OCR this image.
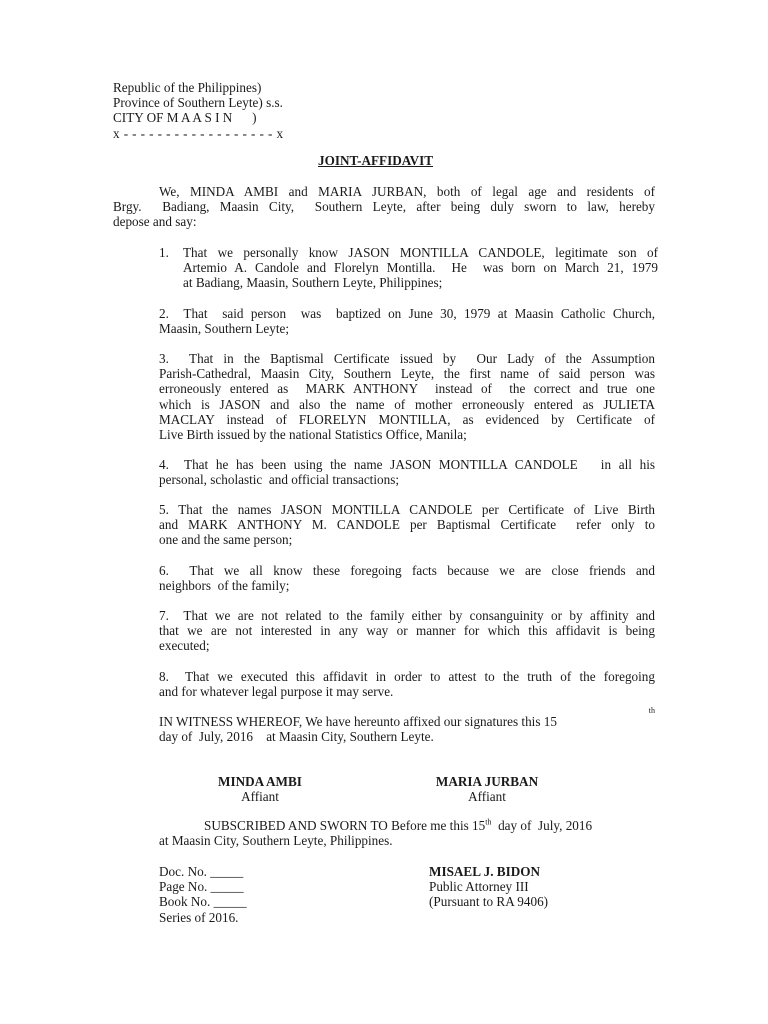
Republic of the Philippines)
Province of Southern Leyte) s.s.
CITY OF M A A S I N      )
x - - - - - - - - - - - - - - - - - - x
JOINT-AFFIDAVIT
We, MINDA AMBI and MARIA JURBAN, both of legal age and residents of
Brgy.  Badiang, Maasin City,  Southern Leyte, after being duly sworn to law, hereby
depose and say:
1. That we personally know JASON MONTILLA CANDOLE, legitimate son of
Artemio A. Candole and Florelyn Montilla.  He  was born on March 21, 1979
at Badiang, Maasin, Southern Leyte, Philippines;
2.  That  said person  was  baptized on June 30, 1979 at Maasin Catholic Church,
Maasin, Southern Leyte;
3.  That in the Baptismal Certificate issued by  Our Lady of the Assumption
Parish-Cathedral, Maasin City, Southern Leyte, the first name of said person was
erroneously entered as  MARK ANTHONY  instead of  the correct and true one
which is JASON and also the name of mother erroneously entered as JULIETA
MACLAY instead of FLORELYN MONTILLA, as evidenced by Certificate of
Live Birth issued by the national Statistics Office, Manila;
4.  That he has been using the name JASON MONTILLA CANDOLE   in all his
personal, scholastic  and official transactions;
5. That the names JASON MONTILLA CANDOLE per Certificate of Live Birth
and MARK ANTHONY M. CANDOLE per Baptismal Certificate  refer only to
one and the same person;
6.  That we all know these foregoing facts because we are close friends and
neighbors  of the family;
7.  That we are not related to the family either by consanguinity or by affinity and
that we are not interested in any way or manner for which this affidavit is being
executed;
8.  That we executed this affidavit in order to attest to the truth of the foregoing
and for whatever legal purpose it may serve.
IN WITNESS WHEREOF, We have hereunto affixed our signatures this 15
th
day of  July, 2016    at Maasin City, Southern Leyte.
MINDA AMBI
Affiant
MARIA JURBAN
Affiant
SUBSCRIBED AND SWORN TO Before me this 15th  day of  July, 2016
at Maasin City, Southern Leyte, Philippines.
Doc. No. _____
Page No. _____
Book No. _____
Series of 2016.
MISAEL J. BIDON
Public Attorney III
(Pursuant to RA 9406)
